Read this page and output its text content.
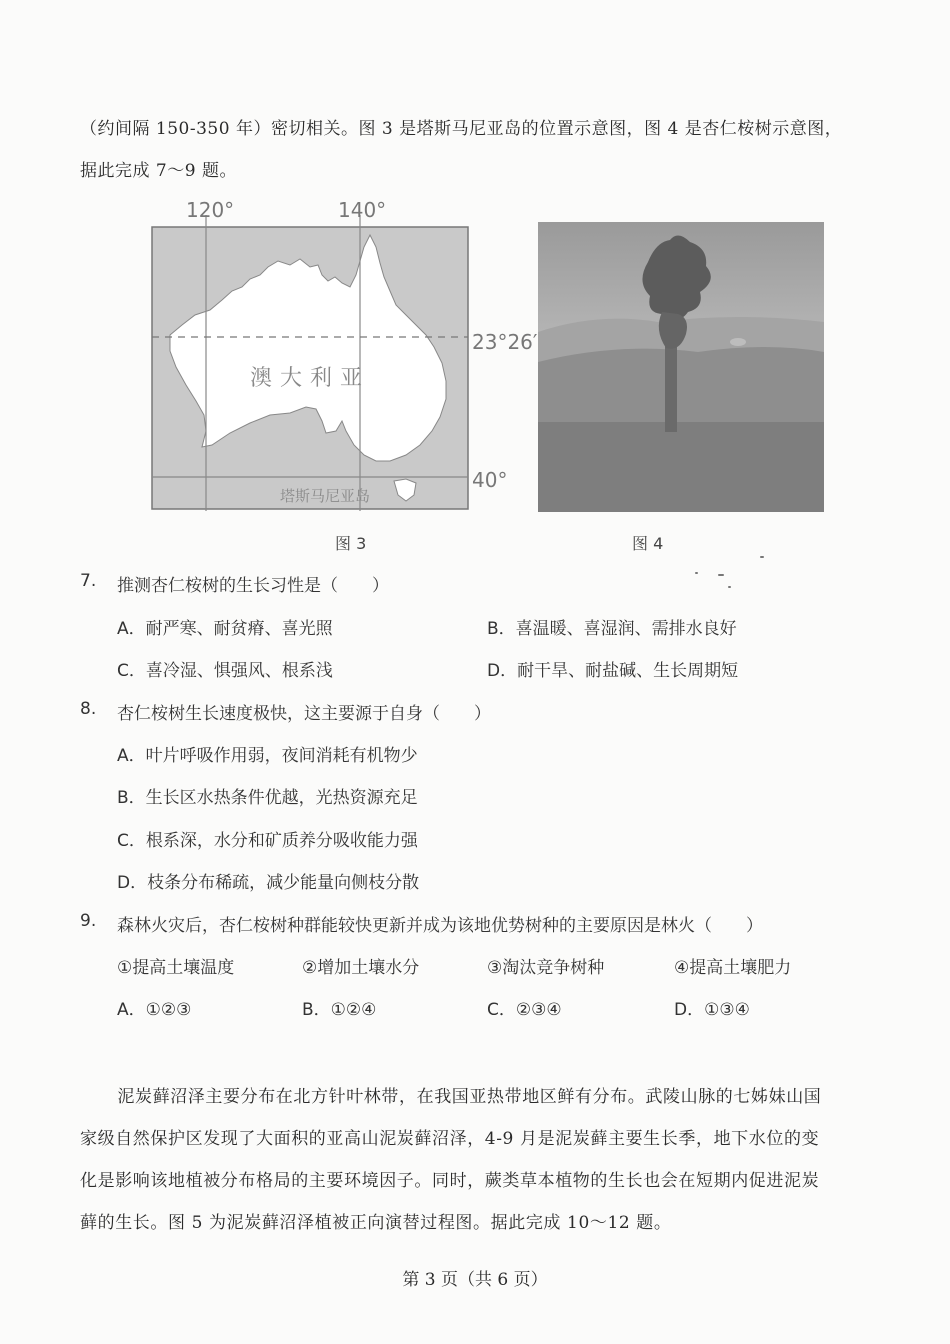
（约间隔 150-350 年）密切相关。图 3 是塔斯马尼亚岛的位置示意图，图 4 是杏仁桉树示意图，

据此完成 7～9 题。

120°	140°
23°26′
40°
澳大利亚
塔斯马尼亚岛
图 3	图 4
7. 推测杏仁桉树的生长习性是（　　）
A．耐严寒、耐贫瘠、喜光照	B．喜温暖、喜湿润、需排水良好
C．喜冷湿、惧强风、根系浅	D．耐干旱、耐盐碱、生长周期短
8. 杏仁桉树生长速度极快，这主要源于自身（　　）
A．叶片呼吸作用弱，夜间消耗有机物少
B．生长区水热条件优越，光热资源充足
C．根系深，水分和矿质养分吸收能力强
D．枝条分布稀疏，减少能量向侧枝分散
9. 森林火灾后，杏仁桉树种群能较快更新并成为该地优势树种的主要原因是林火（　　）
①提高土壤温度	②增加土壤水分	③淘汰竞争树种	④提高土壤肥力
A．①②③	B．①②④	C．②③④	D．①③④
泥炭藓沼泽主要分布在北方针叶林带，在我国亚热带地区鲜有分布。武陵山脉的七姊妹山国
家级自然保护区发现了大面积的亚高山泥炭藓沼泽，4-9 月是泥炭藓主要生长季，地下水位的变
化是影响该地植被分布格局的主要环境因子。同时，蕨类草本植物的生长也会在短期内促进泥炭
藓的生长。图 5 为泥炭藓沼泽植被正向演替过程图。据此完成 10～12 题。
第 3 页（共 6 页）
